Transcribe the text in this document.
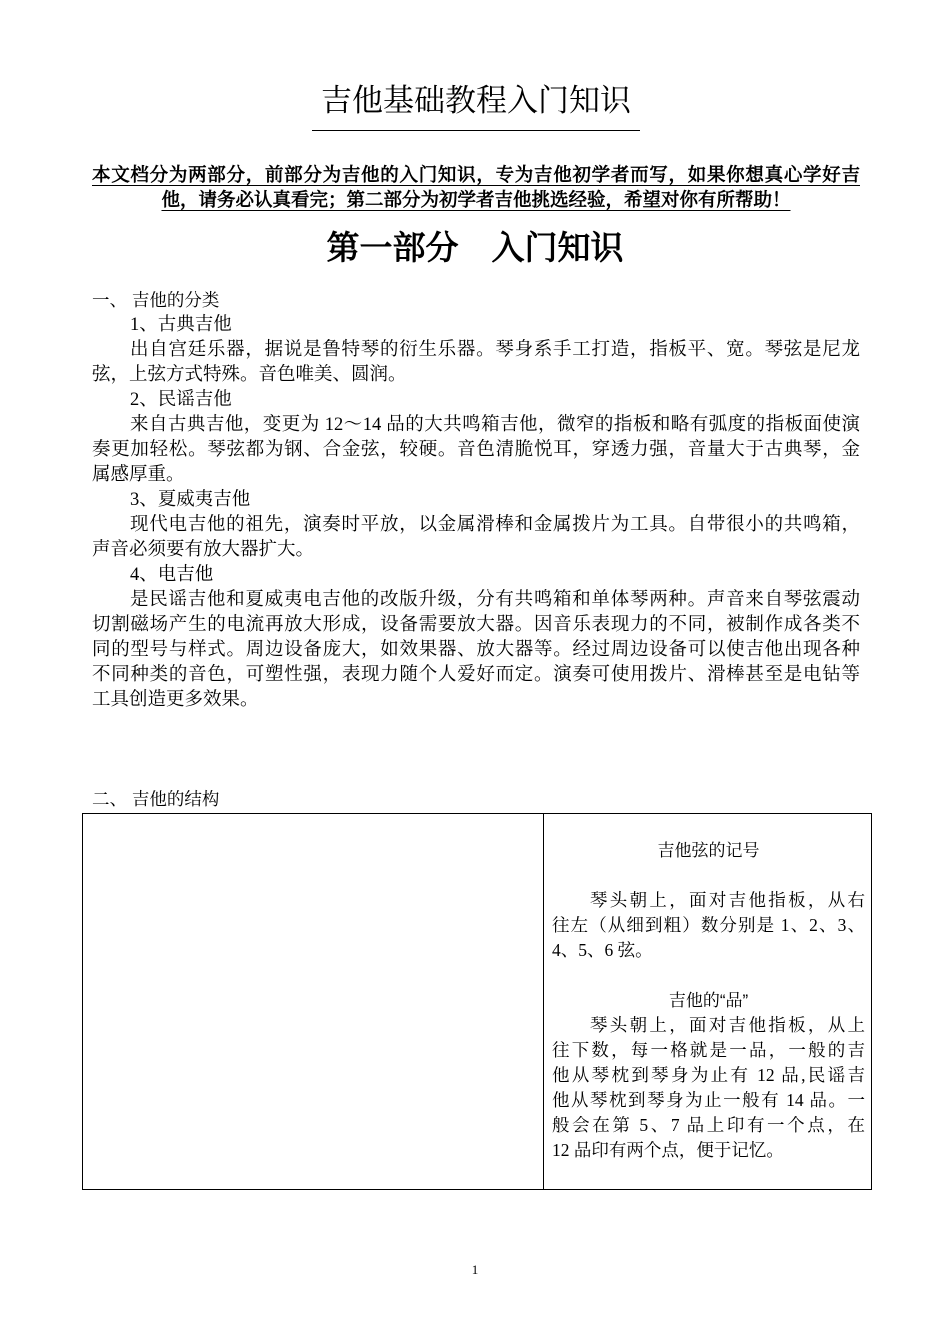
吉他基础教程入门知识
本文档分为两部分，前部分为吉他的入门知识，专为吉他初学者而写，如果你想真心学好吉
他，请务必认真看完；第二部分为初学者吉他挑选经验，希望对你有所帮助！
第一部分　入门知识
一、 吉他的分类
1、古典吉他
出自宫廷乐器，据说是鲁特琴的衍生乐器。琴身系手工打造，指板平、宽。琴弦是尼龙
弦，上弦方式特殊。音色唯美、圆润。
2、民谣吉他
来自古典吉他，变更为 12～14 品的大共鸣箱吉他，微窄的指板和略有弧度的指板面使演
奏更加轻松。琴弦都为钢、合金弦，较硬。音色清脆悦耳，穿透力强，音量大于古典琴，金
属感厚重。
3、夏威夷吉他
现代电吉他的祖先，演奏时平放，以金属滑棒和金属拨片为工具。自带很小的共鸣箱，
声音必须要有放大器扩大。
4、电吉他
是民谣吉他和夏威夷电吉他的改版升级，分有共鸣箱和单体琴两种。声音来自琴弦震动
切割磁场产生的电流再放大形成，设备需要放大器。因音乐表现力的不同，被制作成各类不
同的型号与样式。周边设备庞大，如效果器、放大器等。经过周边设备可以使吉他出现各种
不同种类的音色，可塑性强，表现力随个人爱好而定。演奏可使用拨片、滑棒甚至是电钻等
工具创造更多效果。
二、 吉他的结构
吉他弦的记号
琴头朝上，面对吉他指板，从右
往左（从细到粗）数分别是 1、2、3、
4、5、6 弦。
吉他的“品”
琴头朝上，面对吉他指板，从上
往下数，每一格就是一品，一般的吉
他从琴枕到琴身为止有 12 品,民谣吉
他从琴枕到琴身为止一般有 14 品。一
般会在第 5、7 品上印有一个点，在
12 品印有两个点，便于记忆。
1
